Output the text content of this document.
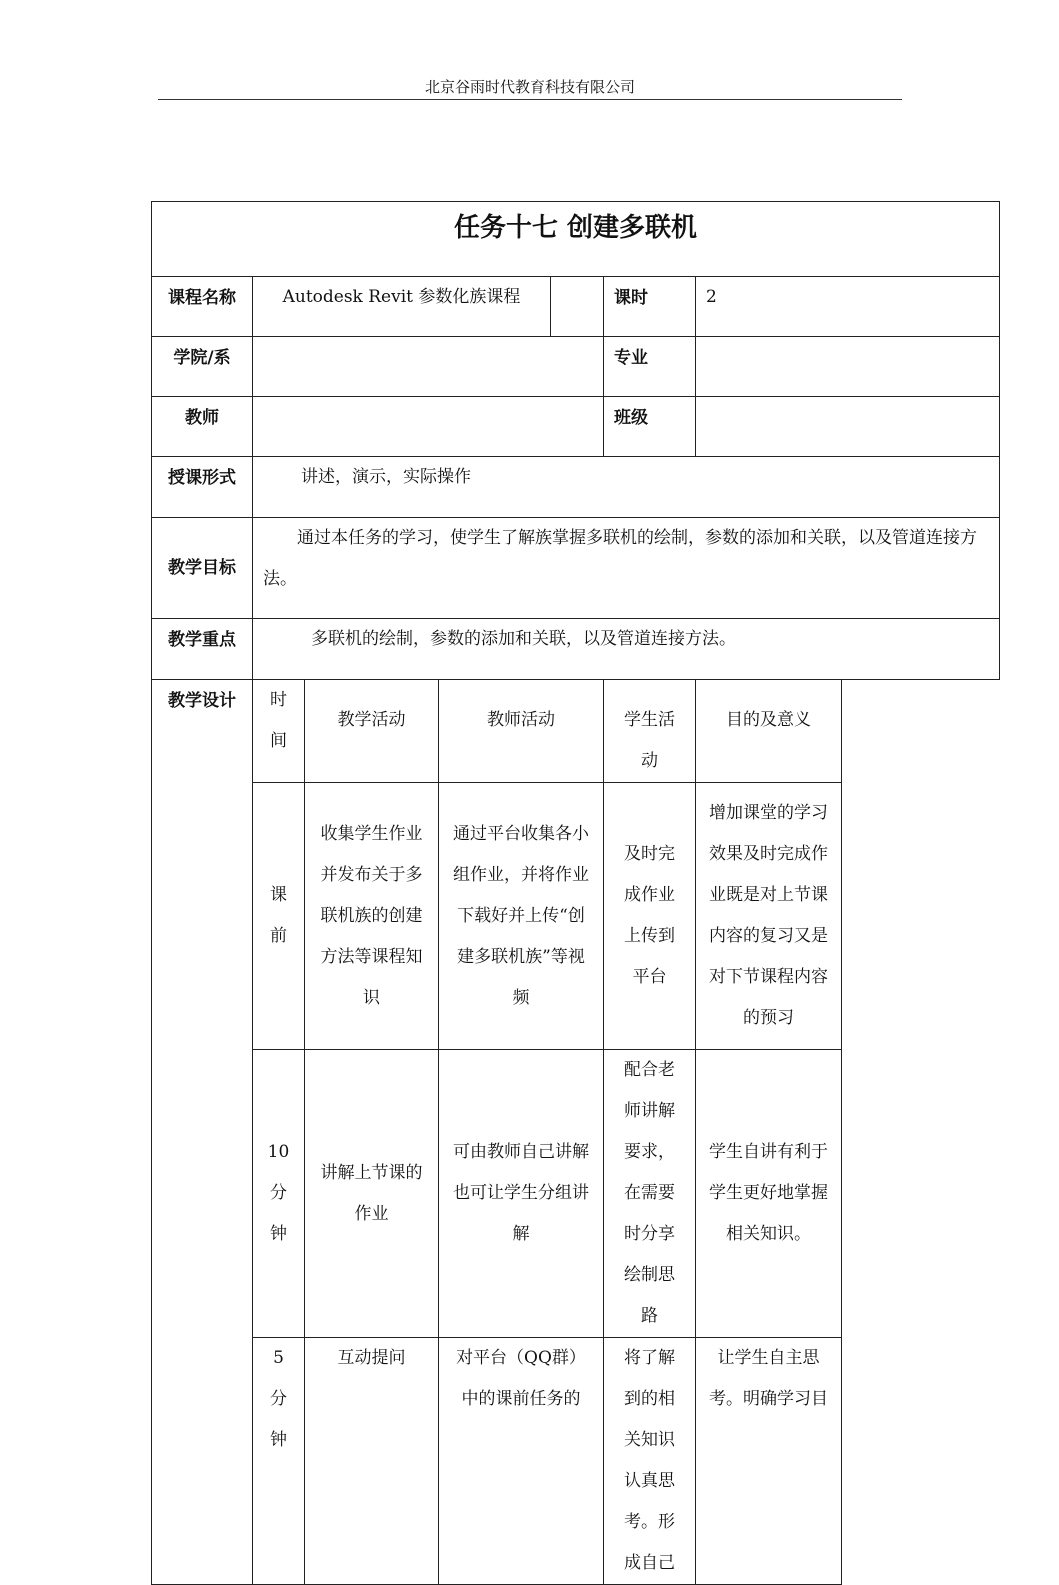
北京谷雨时代教育科技有限公司
任务十七 创建多联机						
课程名称	Autodesk Revit 参数化族课程				课时	2
学院/系					专业	
教师					班级	
授课形式	讲述，演示，实际操作					
教学目标	通过本任务的学习，使学生了解族掌握多联机的绘制，参数的添加和关联，以及管道连接方法。					
教学重点	多联机的绘制，参数的添加和关联，以及管道连接方法。					
教学设计	时间	教学活动	教师活动		学生活动	目的及意义
	课前	收集学生作业并发布关于多联机族的创建方法等课程知识	通过平台收集各小组作业，并将作业下载好并上传“创建多联机族”等视频		及时完成作业上传到平台	增加课堂的学习效果及时完成作业既是对上节课内容的复习又是对下节课程内容的预习
	10分钟	讲解上节课的作业	可由教师自己讲解也可让学生分组讲解		配合老师讲解要求，在需要时分享绘制思路	学生自讲有利于学生更好地掌握相关知识。
	5分钟	互动提问	对平台（QQ群）中的课前任务的		将了解到的相关知识认真思考。形成自己	让学生自主思考。明确学习目
